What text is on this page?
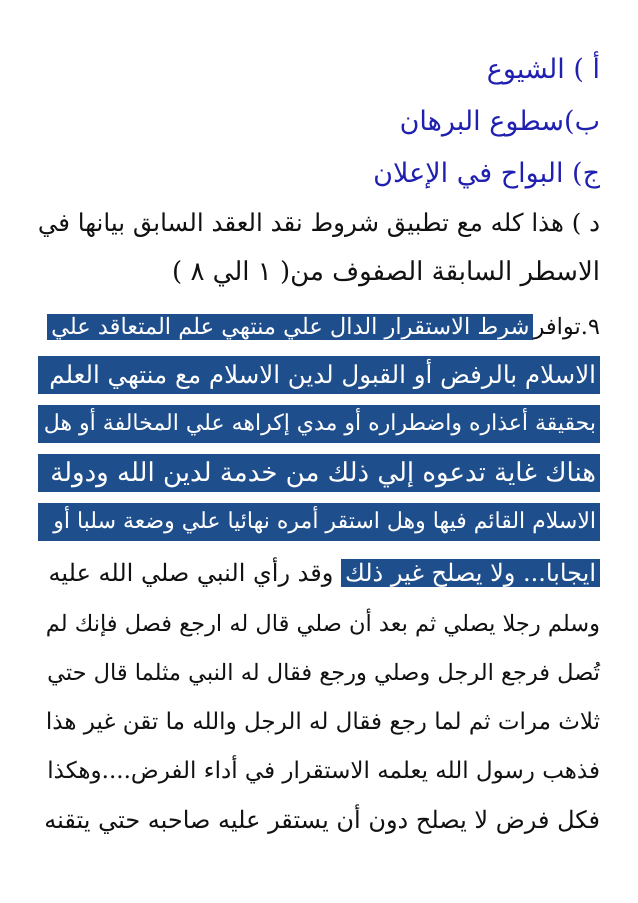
أ ) الشيوع
ب)سطوع البرهان
ج) البواح في الإعلان
د ) هذا كله مع تطبيق شروط نقد العقد السابق بيانها في
الاسطر السابقة الصفوف من( ١ الي ٨ )
٩.توافرشرط الاستقرار الدال علي منتهي علم المتعاقد علي
الاسلام بالرفض أو القبول لدين الاسلام مع منتهي العلم
بحقيقة أعذاره واضطراره أو مدي إكراهه علي المخالفة أو هل
هناك غاية تدعوه إلي ذلك من خدمة لدين الله ودولة
الاسلام القائم فيها وهل استقر أمره نهائيا علي وضعة سلبا أو
ايجابا... ولا يصلح غير ذلك وقد رأي النبي صلي الله عليه
وسلم رجلا يصلي ثم بعد أن صلي قال له ارجع فصل فإنك لم
تُصل فرجع الرجل وصلي ورجع فقال له النبي مثلما قال حتي
ثلاث مرات ثم لما رجع فقال له الرجل والله ما تقن غير هذا
فذهب رسول الله يعلمه الاستقرار في أداء الفرض....وهكذا
فكل فرض لا يصلح دون أن يستقر عليه صاحبه حتي يتقنه
